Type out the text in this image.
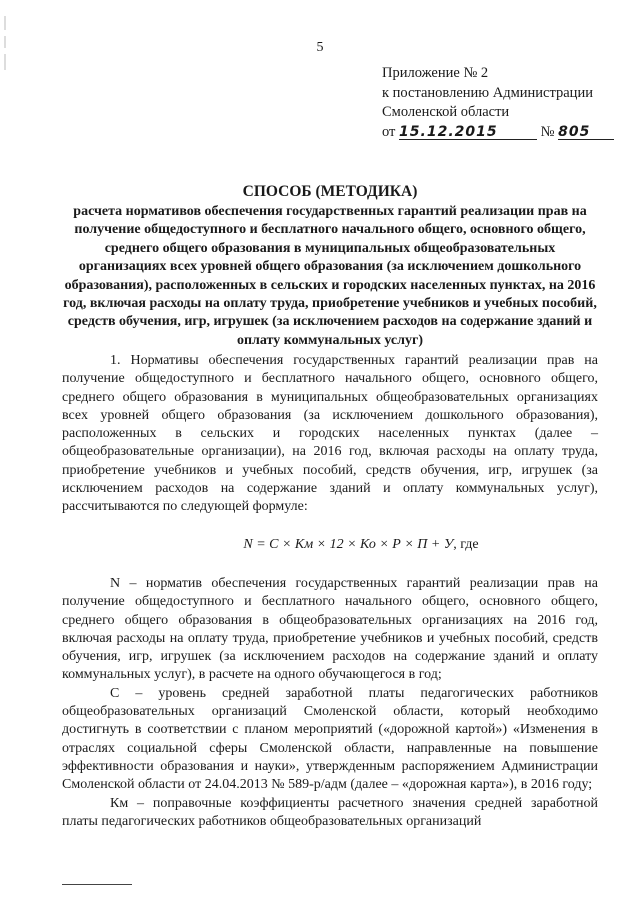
5
Приложение № 2
к постановлению Администрации
Смоленской области
от 15.12.2015	№ 805
СПОСОБ (МЕТОДИКА)
расчета нормативов обеспечения государственных гарантий реализации прав на получение общедоступного и бесплатного начального общего, основного общего, среднего общего образования в муниципальных общеобразовательных организациях всех уровней общего образования (за исключением дошкольного образования), расположенных в сельских и городских населенных пунктах, на 2016 год, включая расходы на оплату труда, приобретение учебников и учебных пособий, средств обучения, игр, игрушек (за исключением расходов на содержание зданий и оплату коммунальных услуг)

1. Нормативы обеспечения государственных гарантий реализации прав на получение общедоступного и бесплатного начального общего, основного общего, среднего общего образования в муниципальных общеобразовательных организациях всех уровней общего образования (за исключением дошкольного образования), расположенных в сельских и городских населенных пунктах (далее – общеобразовательные организации), на 2016 год, включая расходы на оплату труда, приобретение учебников и учебных пособий, средств обучения, игр, игрушек (за исключением расходов на содержание зданий и оплату коммунальных услуг), рассчитываются по следующей формуле:

N = С × Км × 12 × Ко × Р × П + У, где

N – норматив обеспечения государственных гарантий реализации прав на получение общедоступного и бесплатного начального общего, основного общего, среднего общего образования в общеобразовательных организациях на 2016 год, включая расходы на оплату труда, приобретение учебников и учебных пособий, средств обучения, игр, игрушек (за исключением расходов на содержание зданий и оплату коммунальных услуг), в расчете на одного обучающегося в год;

С – уровень средней заработной платы педагогических работников общеобразовательных организаций Смоленской области, который необходимо достигнуть в соответствии с планом мероприятий («дорожной картой») «Изменения в отраслях социальной сферы Смоленской области, направленные на повышение эффективности образования и науки», утвержденным распоряжением Администрации Смоленской области от 24.04.2013 № 589-р/адм (далее – «дорожная карта»), в 2016 году;

Км – поправочные коэффициенты расчетного значения средней заработной платы педагогических работников общеобразовательных организаций
